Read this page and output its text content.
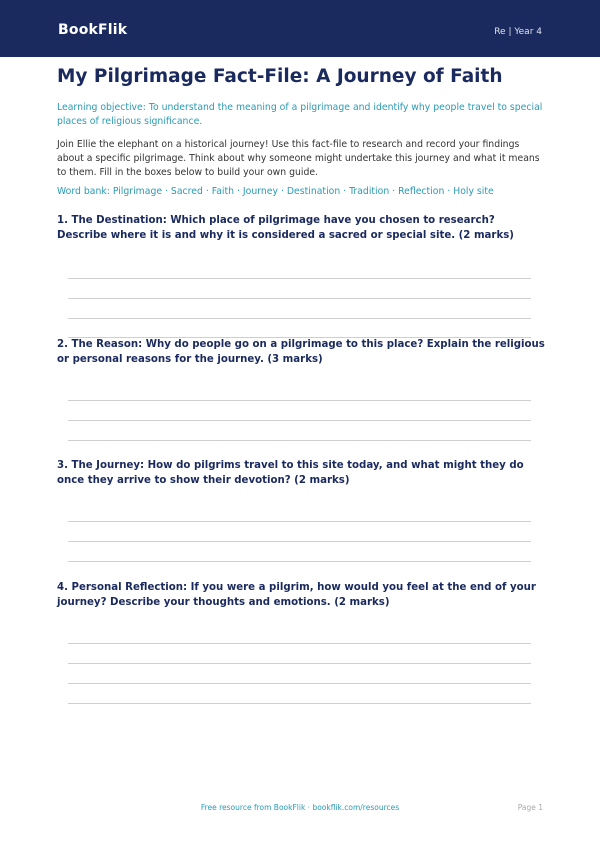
BookFlik	Re | Year 4
My Pilgrimage Fact-File: A Journey of Faith
Learning objective: To understand the meaning of a pilgrimage and identify why people travel to special places of religious significance.
Join Ellie the elephant on a historical journey! Use this fact-file to research and record your findings about a specific pilgrimage. Think about why someone might undertake this journey and what it means to them. Fill in the boxes below to build your own guide.
Word bank: Pilgrimage · Sacred · Faith · Journey · Destination · Tradition · Reflection · Holy site
1. The Destination: Which place of pilgrimage have you chosen to research? Describe where it is and why it is considered a sacred or special site. (2 marks)
2. The Reason: Why do people go on a pilgrimage to this place? Explain the religious or personal reasons for the journey. (3 marks)
3. The Journey: How do pilgrims travel to this site today, and what might they do once they arrive to show their devotion? (2 marks)
4. Personal Reflection: If you were a pilgrim, how would you feel at the end of your journey? Describe your thoughts and emotions. (2 marks)
Free resource from BookFlik · bookflik.com/resources	Page 1
